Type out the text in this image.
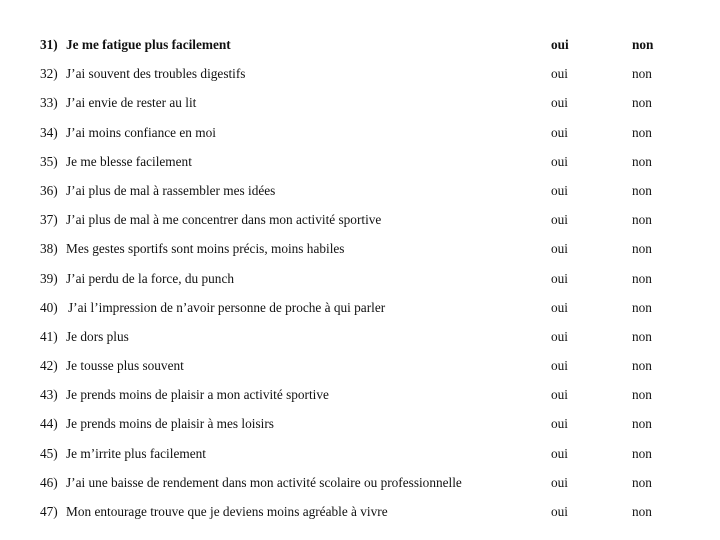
31) Je me fatigue plus facilement	oui	non
32) J’ai souvent des troubles digestifs	oui	non
33) J’ai envie de rester au lit	oui	non
34) J’ai moins confiance en moi	oui	non
35) Je me blesse facilement	oui	non
36) J’ai plus de mal à rassembler mes idées	oui	non
37) J’ai plus de mal à me concentrer dans mon activité sportive	oui	non
38) Mes gestes sportifs sont moins précis, moins habiles	oui	non
39) J’ai perdu de la force, du punch	oui	non
40) J’ai l’impression de n’avoir personne de proche à qui parler	oui	non
41) Je dors plus	oui	non
42) Je tousse plus souvent	oui	non
43) Je prends moins de plaisir a mon activité sportive	oui	non
44) Je prends moins de plaisir à mes loisirs	oui	non
45) Je m’irrite plus facilement	oui	non
46) J’ai une baisse de rendement dans mon activité scolaire ou professionnelle	oui	non
47) Mon entourage trouve que je deviens moins agréable à vivre	oui	non
